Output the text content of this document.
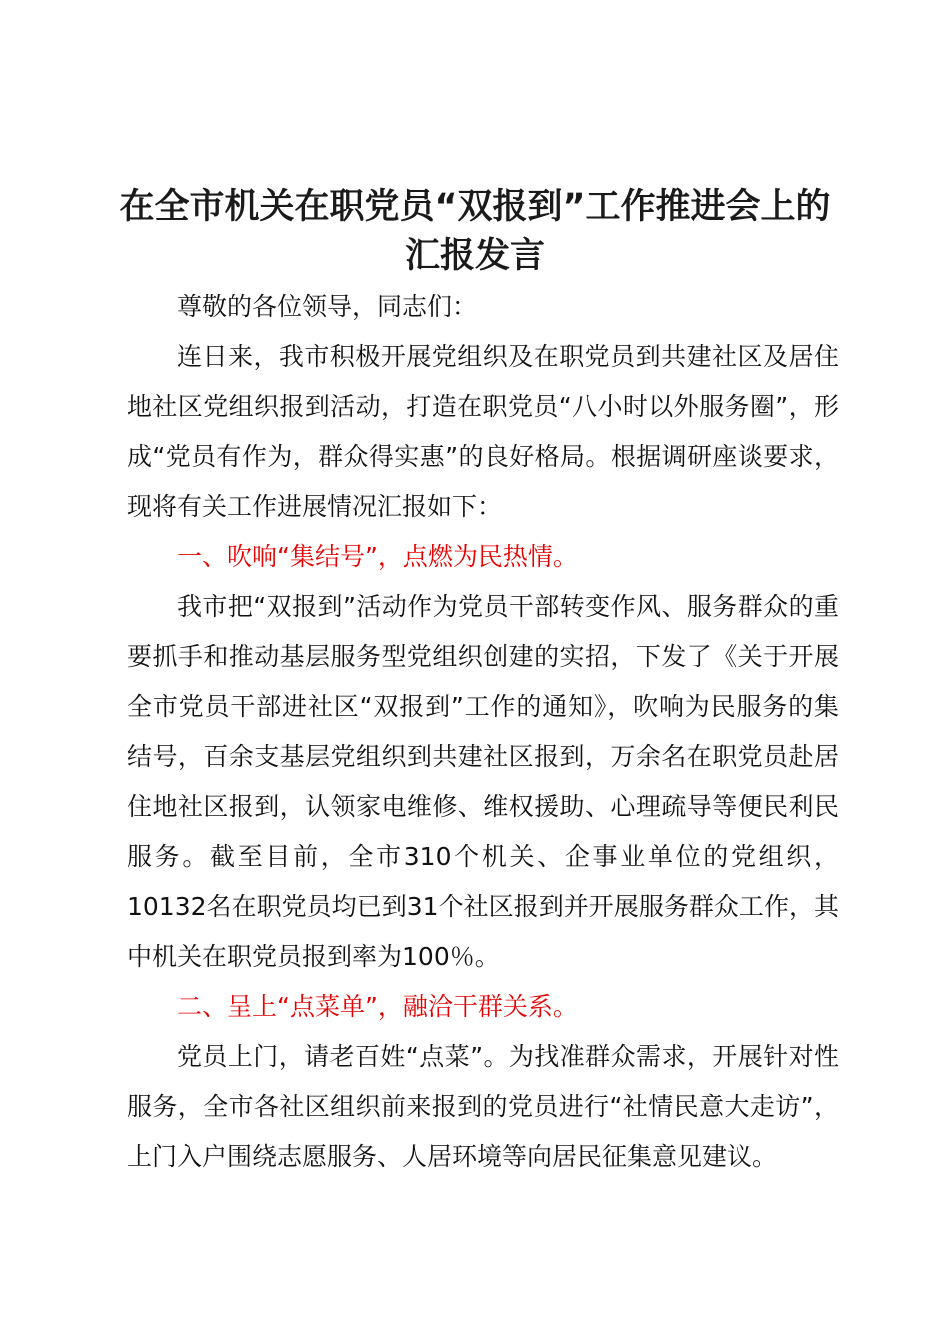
在全市机关在职党员“双报到”工作推进会上的
汇报发言

尊敬的各位领导，同志们：

连日来，我市积极开展党组织及在职党员到共建社区及居住地社区党组织报到活动，打造在职党员“八小时以外服务圈”，形成“党员有作为，群众得实惠”的良好格局。根据调研座谈要求，现将有关工作进展情况汇报如下：

一、吹响“集结号”，点燃为民热情。

我市把“双报到”活动作为党员干部转变作风、服务群众的重要抓手和推动基层服务型党组织创建的实招，下发了《关于开展全市党员干部进社区“双报到”工作的通知》，吹响为民服务的集结号，百余支基层党组织到共建社区报到，万余名在职党员赴居住地社区报到，认领家电维修、维权援助、心理疏导等便民利民服务。截至目前，全市310个机关、企事业单位的党组织，10132名在职党员均已到31个社区报到并开展服务群众工作，其中机关在职党员报到率为100％。

二、呈上“点菜单”，融洽干群关系。

党员上门，请老百姓“点菜”。为找准群众需求，开展针对性服务，全市各社区组织前来报到的党员进行“社情民意大走访”，上门入户围绕志愿服务、人居环境等向居民征集意见建议。
